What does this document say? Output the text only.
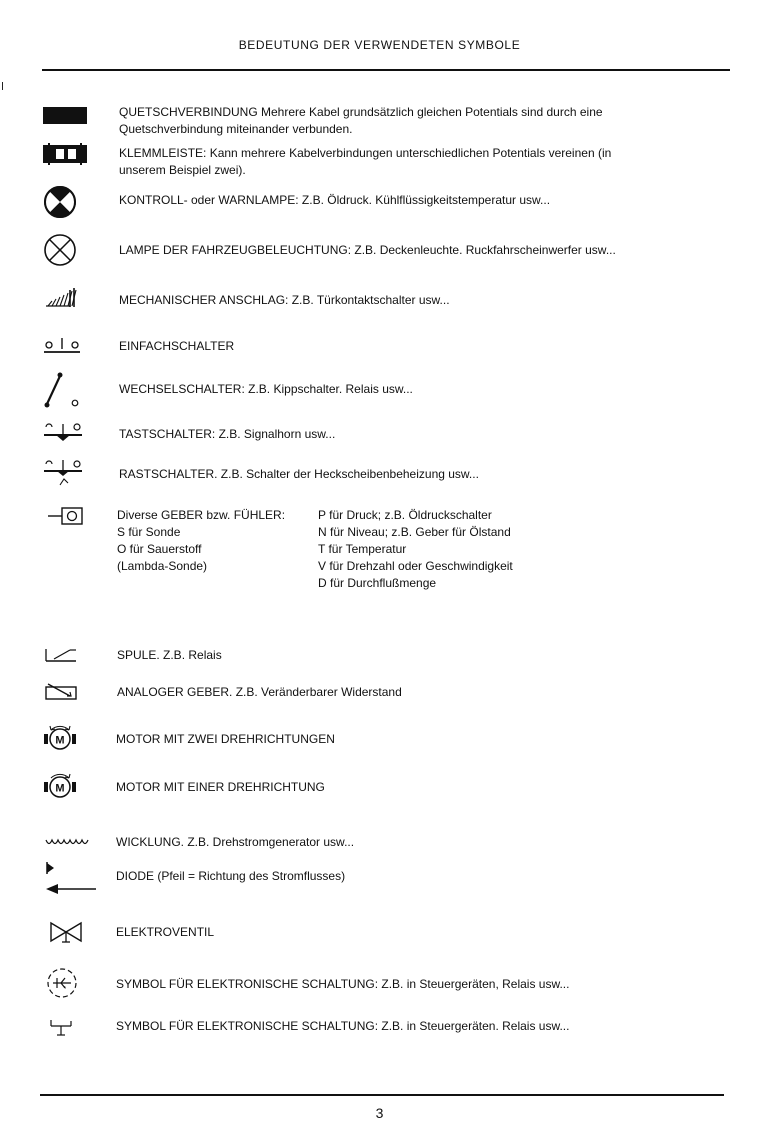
BEDEUTUNG DER VERWENDETEN SYMBOLE
QUETSCHVERBINDUNG Mehrere Kabel grundsätzlich gleichen Potentials sind durch eine
Quetschverbindung miteinander verbunden.
KLEMMLEISTE: Kann mehrere Kabelverbindungen unterschiedlichen Potentials vereinen (in
unserem Beispiel zwei).
KONTROLL- oder WARNLAMPE: Z.B. Öldruck. Kühlflüssigkeitstemperatur usw...
LAMPE DER FAHRZEUGBELEUCHTUNG: Z.B. Deckenleuchte. Ruckfahrscheinwerfer usw...
MECHANISCHER ANSCHLAG: Z.B. Türkontaktschalter usw...
EINFACHSCHALTER
WECHSELSCHALTER: Z.B. Kippschalter. Relais usw...
TASTSCHALTER: Z.B. Signalhorn usw...
RASTSCHALTER. Z.B. Schalter der Heckscheibenbeheizung usw...
Diverse GEBER bzw. FÜHLER:
S für Sonde
O für Sauerstoff
(Lambda-Sonde)
P für Druck; z.B. Öldruckschalter
N für Niveau; z.B. Geber für Ölstand
T für Temperatur
V für Drehzahl oder Geschwindigkeit
D für Durchflußmenge
SPULE. Z.B. Relais
ANALOGER GEBER. Z.B. Veränderbarer Widerstand
M	MOTOR MIT ZWEI DREHRICHTUNGEN
M	MOTOR MIT EINER DREHRICHTUNG
WICKLUNG. Z.B. Drehstromgenerator usw...
DIODE (Pfeil = Richtung des Stromflusses)
ELEKTROVENTIL
SYMBOL FÜR ELEKTRONISCHE SCHALTUNG: Z.B. in Steuergeräten, Relais usw...
SYMBOL FÜR ELEKTRONISCHE SCHALTUNG: Z.B. in Steuergeräten. Relais usw...
3
